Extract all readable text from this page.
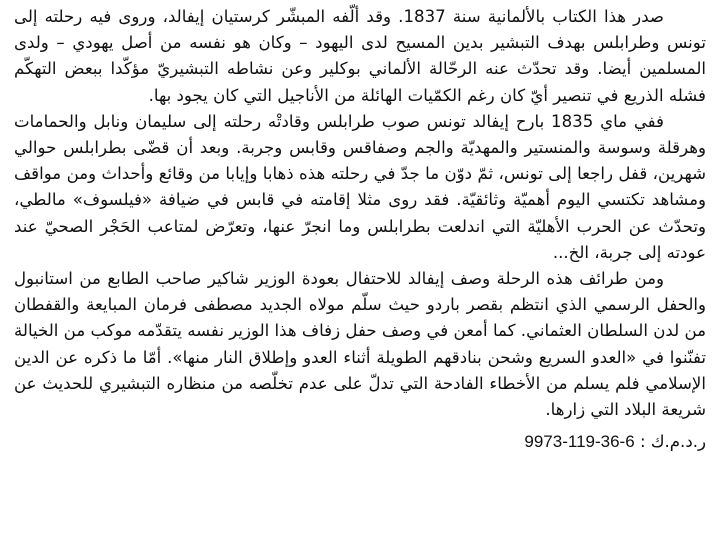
صدر هذا الكتاب بالألمانية سنة 1837. وقد ألّفه المبشّر كرستيان إيفالد، وروى فيه رحلته إلى تونس وطرابلس بهدف التبشير بدين المسيح لدى اليهود – وكان هو نفسه من أصل يهودي – ولدى المسلمين أيضا. وقد تحدّث عنه الرحّالة الألماني بوكلير وعن نشاطه التبشيريّ مؤكّدا ببعض التهكّم فشله الذريع في تنصير أيّ كان رغم الكمّيات الهائلة من الأناجيل التي كان يجود بها.

ففي ماي 1835 بارح إيفالد تونس صوب طرابلس وقادتْه رحلته إلى سليمان ونابل والحمامات وهرقلة وسوسة والمنستير والمهديّة والجم وصفاقس وقابس وجربة. وبعد أن قضّى بطرابلس حوالي شهرين، قفل راجعا إلى تونس، ثمّ دوّن ما جدّ في رحلته هذه ذهابا وإيابا من وقائع وأحداث ومن مواقف ومشاهد تكتسي اليوم أهميّة وثائقيّة. فقد روى مثلا إقامته في قابس في ضيافة «فيلسوف» مالطي، وتحدّث عن الحرب الأهليّة التي اندلعت بطرابلس وما انجرّ عنها، وتعرّض لمتاعب الحَجْر الصحيّ عند عودته إلى جربة، الخ...

ومن طرائف هذه الرحلة وصف إيفالد للاحتفال بعودة الوزير شاكير صاحب الطابع من استانبول والحفل الرسمي الذي انتظم بقصر باردو حيث سلّم مولاه الجديد مصطفى فرمان المبايعة والقفطان من لدن السلطان العثماني. كما أمعن في وصف حفل زفاف هذا الوزير نفسه يتقدّمه موكب من الخيالة تفنّنوا في «العدو السريع وشحن بنادقهم الطويلة أثناء العدو وإطلاق النار منها». أمّا ما ذكره عن الدين الإسلامي فلم يسلم من الأخطاء الفادحة التي تدلّ على عدم تخلّصه من منظاره التبشيري للحديث عن شريعة البلاد التي زارها.

ر.د.م.ك : 9973-119-36-6
